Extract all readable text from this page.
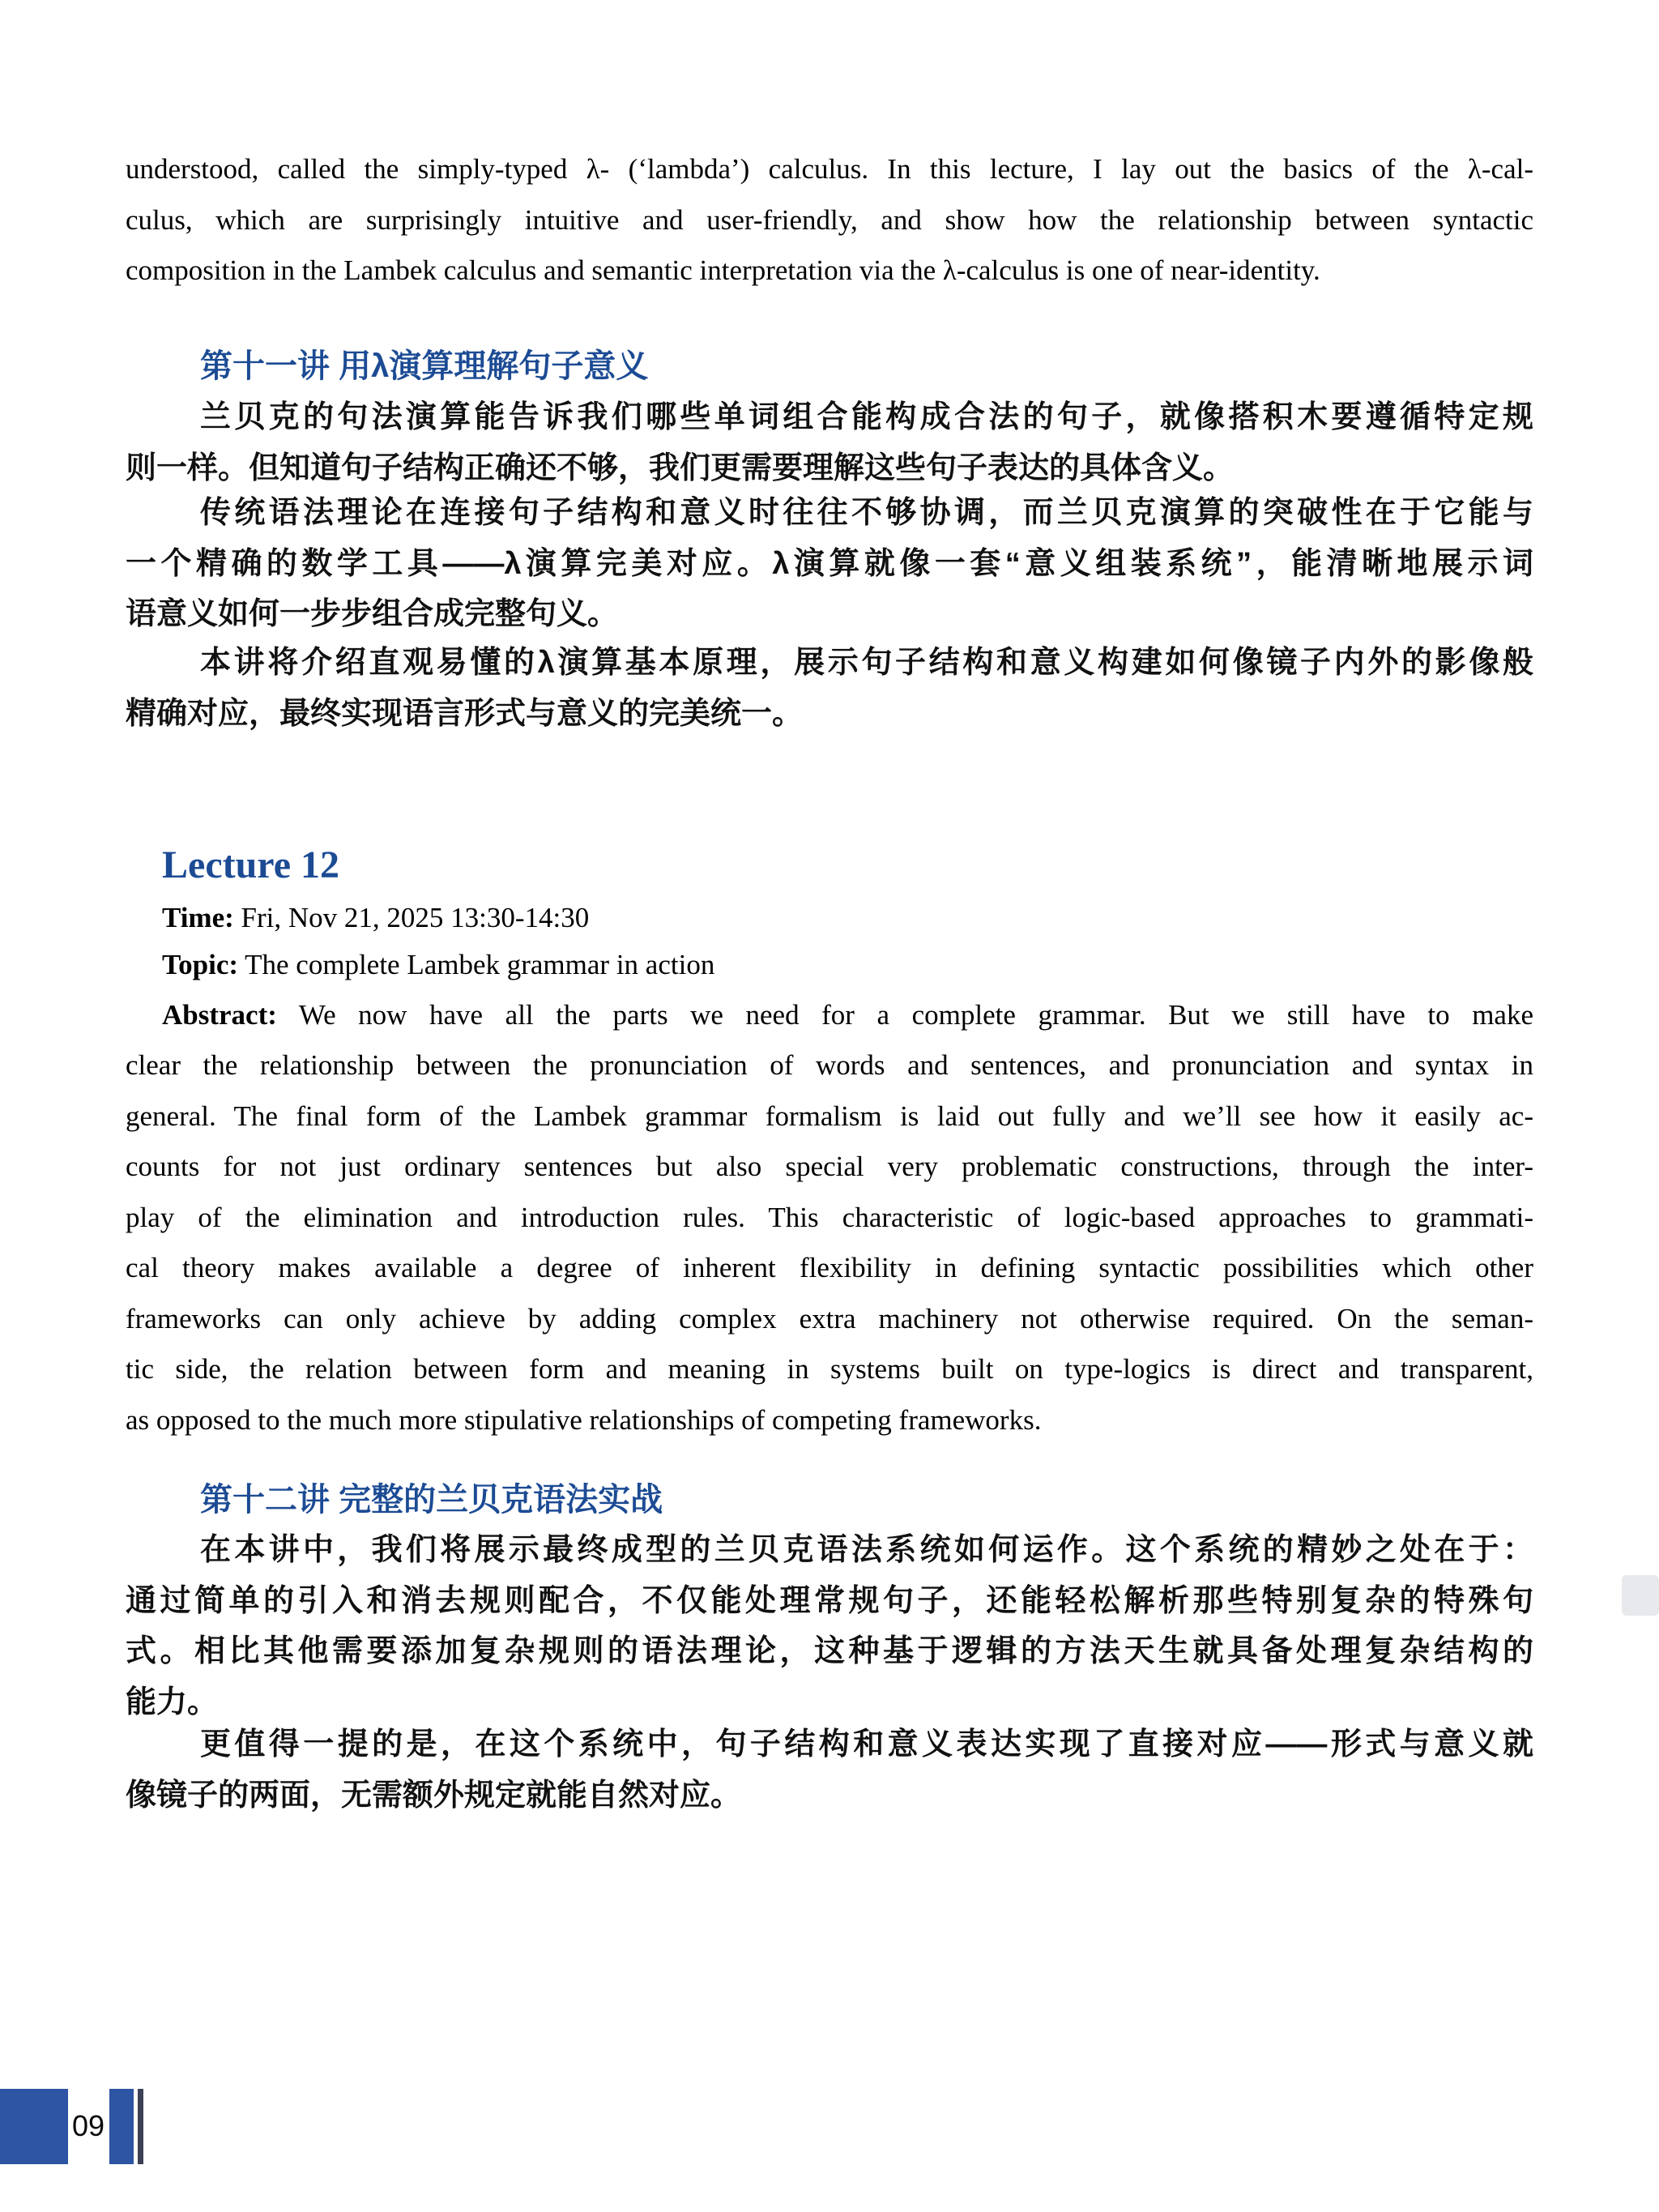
understood, called the simply-typed λ- (‘lambda’) calculus. In this lecture, I lay out the basics of the λ-cal-
culus, which are surprisingly intuitive and user-friendly, and show how the relationship between syntactic
composition in the Lambek calculus and semantic interpretation via the λ-calculus is one of near-identity.
第十一讲 用λ演算理解句子意义
兰贝克的句法演算能告诉我们哪些单词组合能构成合法的句子，就像搭积木要遵循特定规
则一样。但知道句子结构正确还不够，我们更需要理解这些句子表达的具体含义。
传统语法理论在连接句子结构和意义时往往不够协调，而兰贝克演算的突破性在于它能与
一个精确的数学工具——λ演算完美对应。λ演算就像一套“意义组装系统”，能清晰地展示词
语意义如何一步步组合成完整句义。
本讲将介绍直观易懂的λ演算基本原理，展示句子结构和意义构建如何像镜子内外的影像般
精确对应，最终实现语言形式与意义的完美统一。
Lecture 12
Time: Fri, Nov 21, 2025 13:30-14:30
Topic: The complete Lambek grammar in action
Abstract: We now have all the parts we need for a complete grammar. But we still have to make
clear the relationship between the pronunciation of words and sentences, and pronunciation and syntax in
general. The final form of the Lambek grammar formalism is laid out fully and we’ll see how it easily ac-
counts for not just ordinary sentences but also special very problematic constructions, through the inter-
play of the elimination and introduction rules. This characteristic of logic-based approaches to grammati-
cal theory makes available a degree of inherent flexibility in defining syntactic possibilities which other
frameworks can only achieve by adding complex extra machinery not otherwise required. On the seman-
tic side, the relation between form and meaning in systems built on type-logics is direct and transparent,
as opposed to the much more stipulative relationships of competing frameworks.
第十二讲 完整的兰贝克语法实战
在本讲中，我们将展示最终成型的兰贝克语法系统如何运作。这个系统的精妙之处在于：
通过简单的引入和消去规则配合，不仅能处理常规句子，还能轻松解析那些特别复杂的特殊句
式。相比其他需要添加复杂规则的语法理论，这种基于逻辑的方法天生就具备处理复杂结构的
能力。
更值得一提的是，在这个系统中，句子结构和意义表达实现了直接对应——形式与意义就
像镜子的两面，无需额外规定就能自然对应。
09
